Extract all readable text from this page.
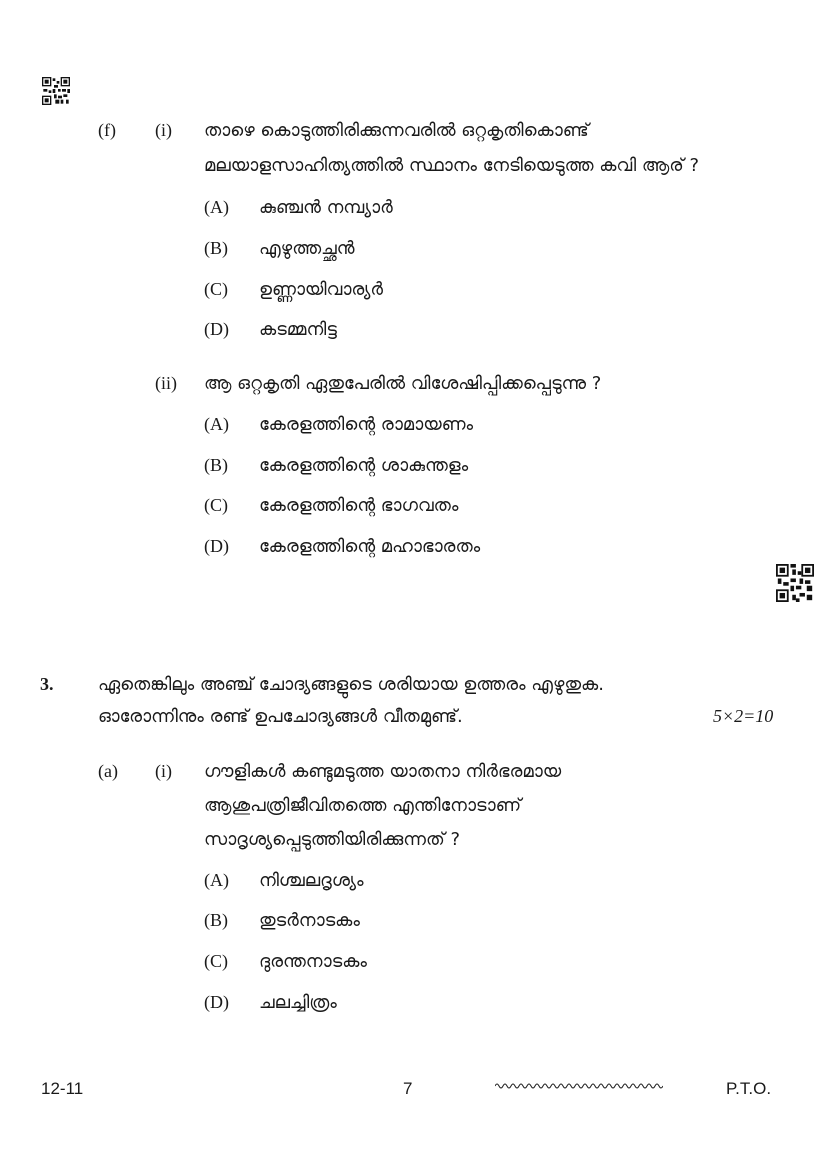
(f) (i) താഴെ കൊടുത്തിരിക്കുന്നവരിൽ ഒറ്റകൃതികൊണ്ട്
മലയാളസാഹിത്യത്തിൽ സ്ഥാനം നേടിയെടുത്ത കവി ആര് ?
(A) കുഞ്ചൻ നമ്പ്യാർ
(B) എഴുത്തച്ഛൻ
(C) ഉണ്ണായിവാര്യർ
(D) കടമ്മനിട്ട
(ii) ആ ഒറ്റകൃതി ഏതുപേരിൽ വിശേഷിപ്പിക്കപ്പെടുന്നു ?
(A) കേരളത്തിന്റെ രാമായണം
(B) കേരളത്തിന്റെ ശാകുന്തളം
(C) കേരളത്തിന്റെ ഭാഗവതം
(D) കേരളത്തിന്റെ മഹാഭാരതം
3. ഏതെങ്കിലും അഞ്ച് ചോദ്യങ്ങളുടെ ശരിയായ ഉത്തരം എഴുതുക.
ഓരോന്നിനും രണ്ട് ഉപചോദ്യങ്ങൾ വീതമുണ്ട്.	5×2=10
(a) (i) ഗൗളികൾ കണ്ടുമടുത്ത യാതനാ നിർഭരമായ
ആശുപത്രിജീവിതത്തെ എന്തിനോടാണ്
സാദൃശ്യപ്പെടുത്തിയിരിക്കുന്നത് ?
(A) നിശ്ചലദൃശ്യം
(B) തുടർനാടകം
(C) ദുരന്തനാടകം
(D) ചലച്ചിത്രം
12-11	7	P.T.O.
